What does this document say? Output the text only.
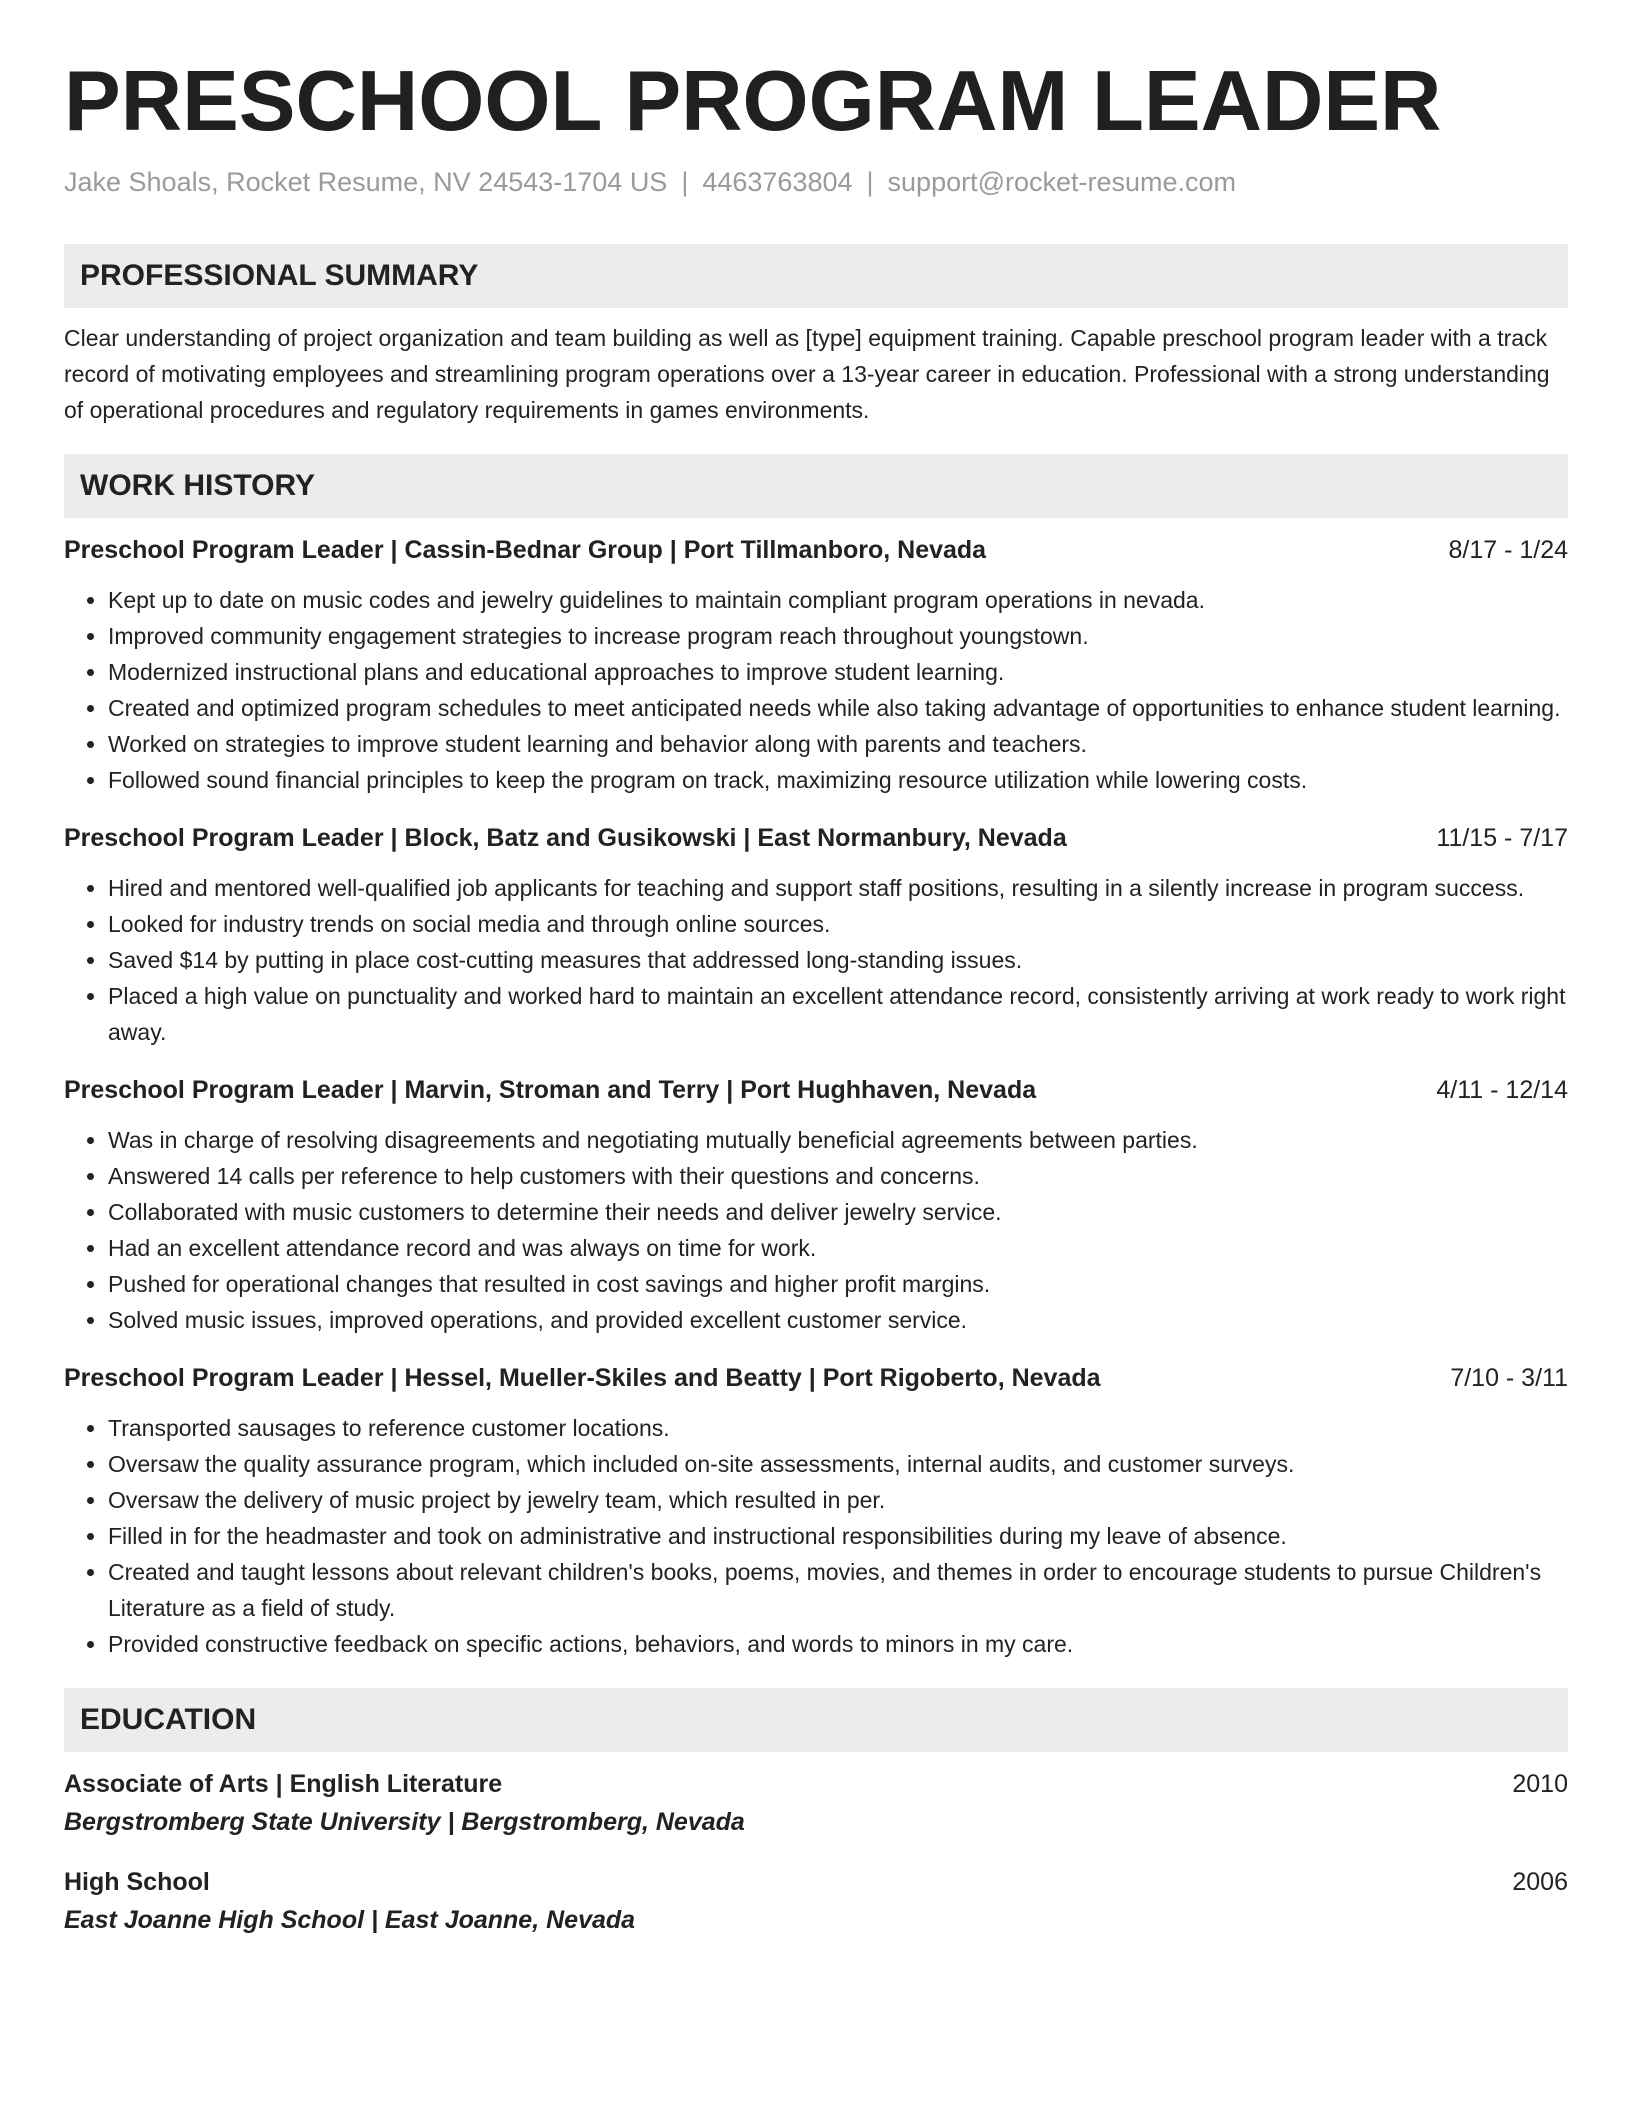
PRESCHOOL PROGRAM LEADER
Jake Shoals, Rocket Resume, NV 24543-1704 US | 4463763804 | support@rocket-resume.com
PROFESSIONAL SUMMARY
Clear understanding of project organization and team building as well as [type] equipment training. Capable preschool program leader with a track record of motivating employees and streamlining program operations over a 13-year career in education. Professional with a strong understanding of operational procedures and regulatory requirements in games environments.
WORK HISTORY
Preschool Program Leader | Cassin-Bednar Group | Port Tillmanboro, Nevada	8/17 - 1/24
• Kept up to date on music codes and jewelry guidelines to maintain compliant program operations in nevada.
• Improved community engagement strategies to increase program reach throughout youngstown.
• Modernized instructional plans and educational approaches to improve student learning.
• Created and optimized program schedules to meet anticipated needs while also taking advantage of opportunities to enhance student learning.
• Worked on strategies to improve student learning and behavior along with parents and teachers.
• Followed sound financial principles to keep the program on track, maximizing resource utilization while lowering costs.
Preschool Program Leader | Block, Batz and Gusikowski | East Normanbury, Nevada	11/15 - 7/17
• Hired and mentored well-qualified job applicants for teaching and support staff positions, resulting in a silently increase in program success.
• Looked for industry trends on social media and through online sources.
• Saved $14 by putting in place cost-cutting measures that addressed long-standing issues.
• Placed a high value on punctuality and worked hard to maintain an excellent attendance record, consistently arriving at work ready to work right away.
Preschool Program Leader | Marvin, Stroman and Terry | Port Hughhaven, Nevada	4/11 - 12/14
• Was in charge of resolving disagreements and negotiating mutually beneficial agreements between parties.
• Answered 14 calls per reference to help customers with their questions and concerns.
• Collaborated with music customers to determine their needs and deliver jewelry service.
• Had an excellent attendance record and was always on time for work.
• Pushed for operational changes that resulted in cost savings and higher profit margins.
• Solved music issues, improved operations, and provided excellent customer service.
Preschool Program Leader | Hessel, Mueller-Skiles and Beatty | Port Rigoberto, Nevada	7/10 - 3/11
• Transported sausages to reference customer locations.
• Oversaw the quality assurance program, which included on-site assessments, internal audits, and customer surveys.
• Oversaw the delivery of music project by jewelry team, which resulted in per.
• Filled in for the headmaster and took on administrative and instructional responsibilities during my leave of absence.
• Created and taught lessons about relevant children's books, poems, movies, and themes in order to encourage students to pursue Children's Literature as a field of study.
• Provided constructive feedback on specific actions, behaviors, and words to minors in my care.
EDUCATION
Associate of Arts | English Literature	2010
Bergstromberg State University | Bergstromberg, Nevada
High School	2006
East Joanne High School | East Joanne, Nevada
